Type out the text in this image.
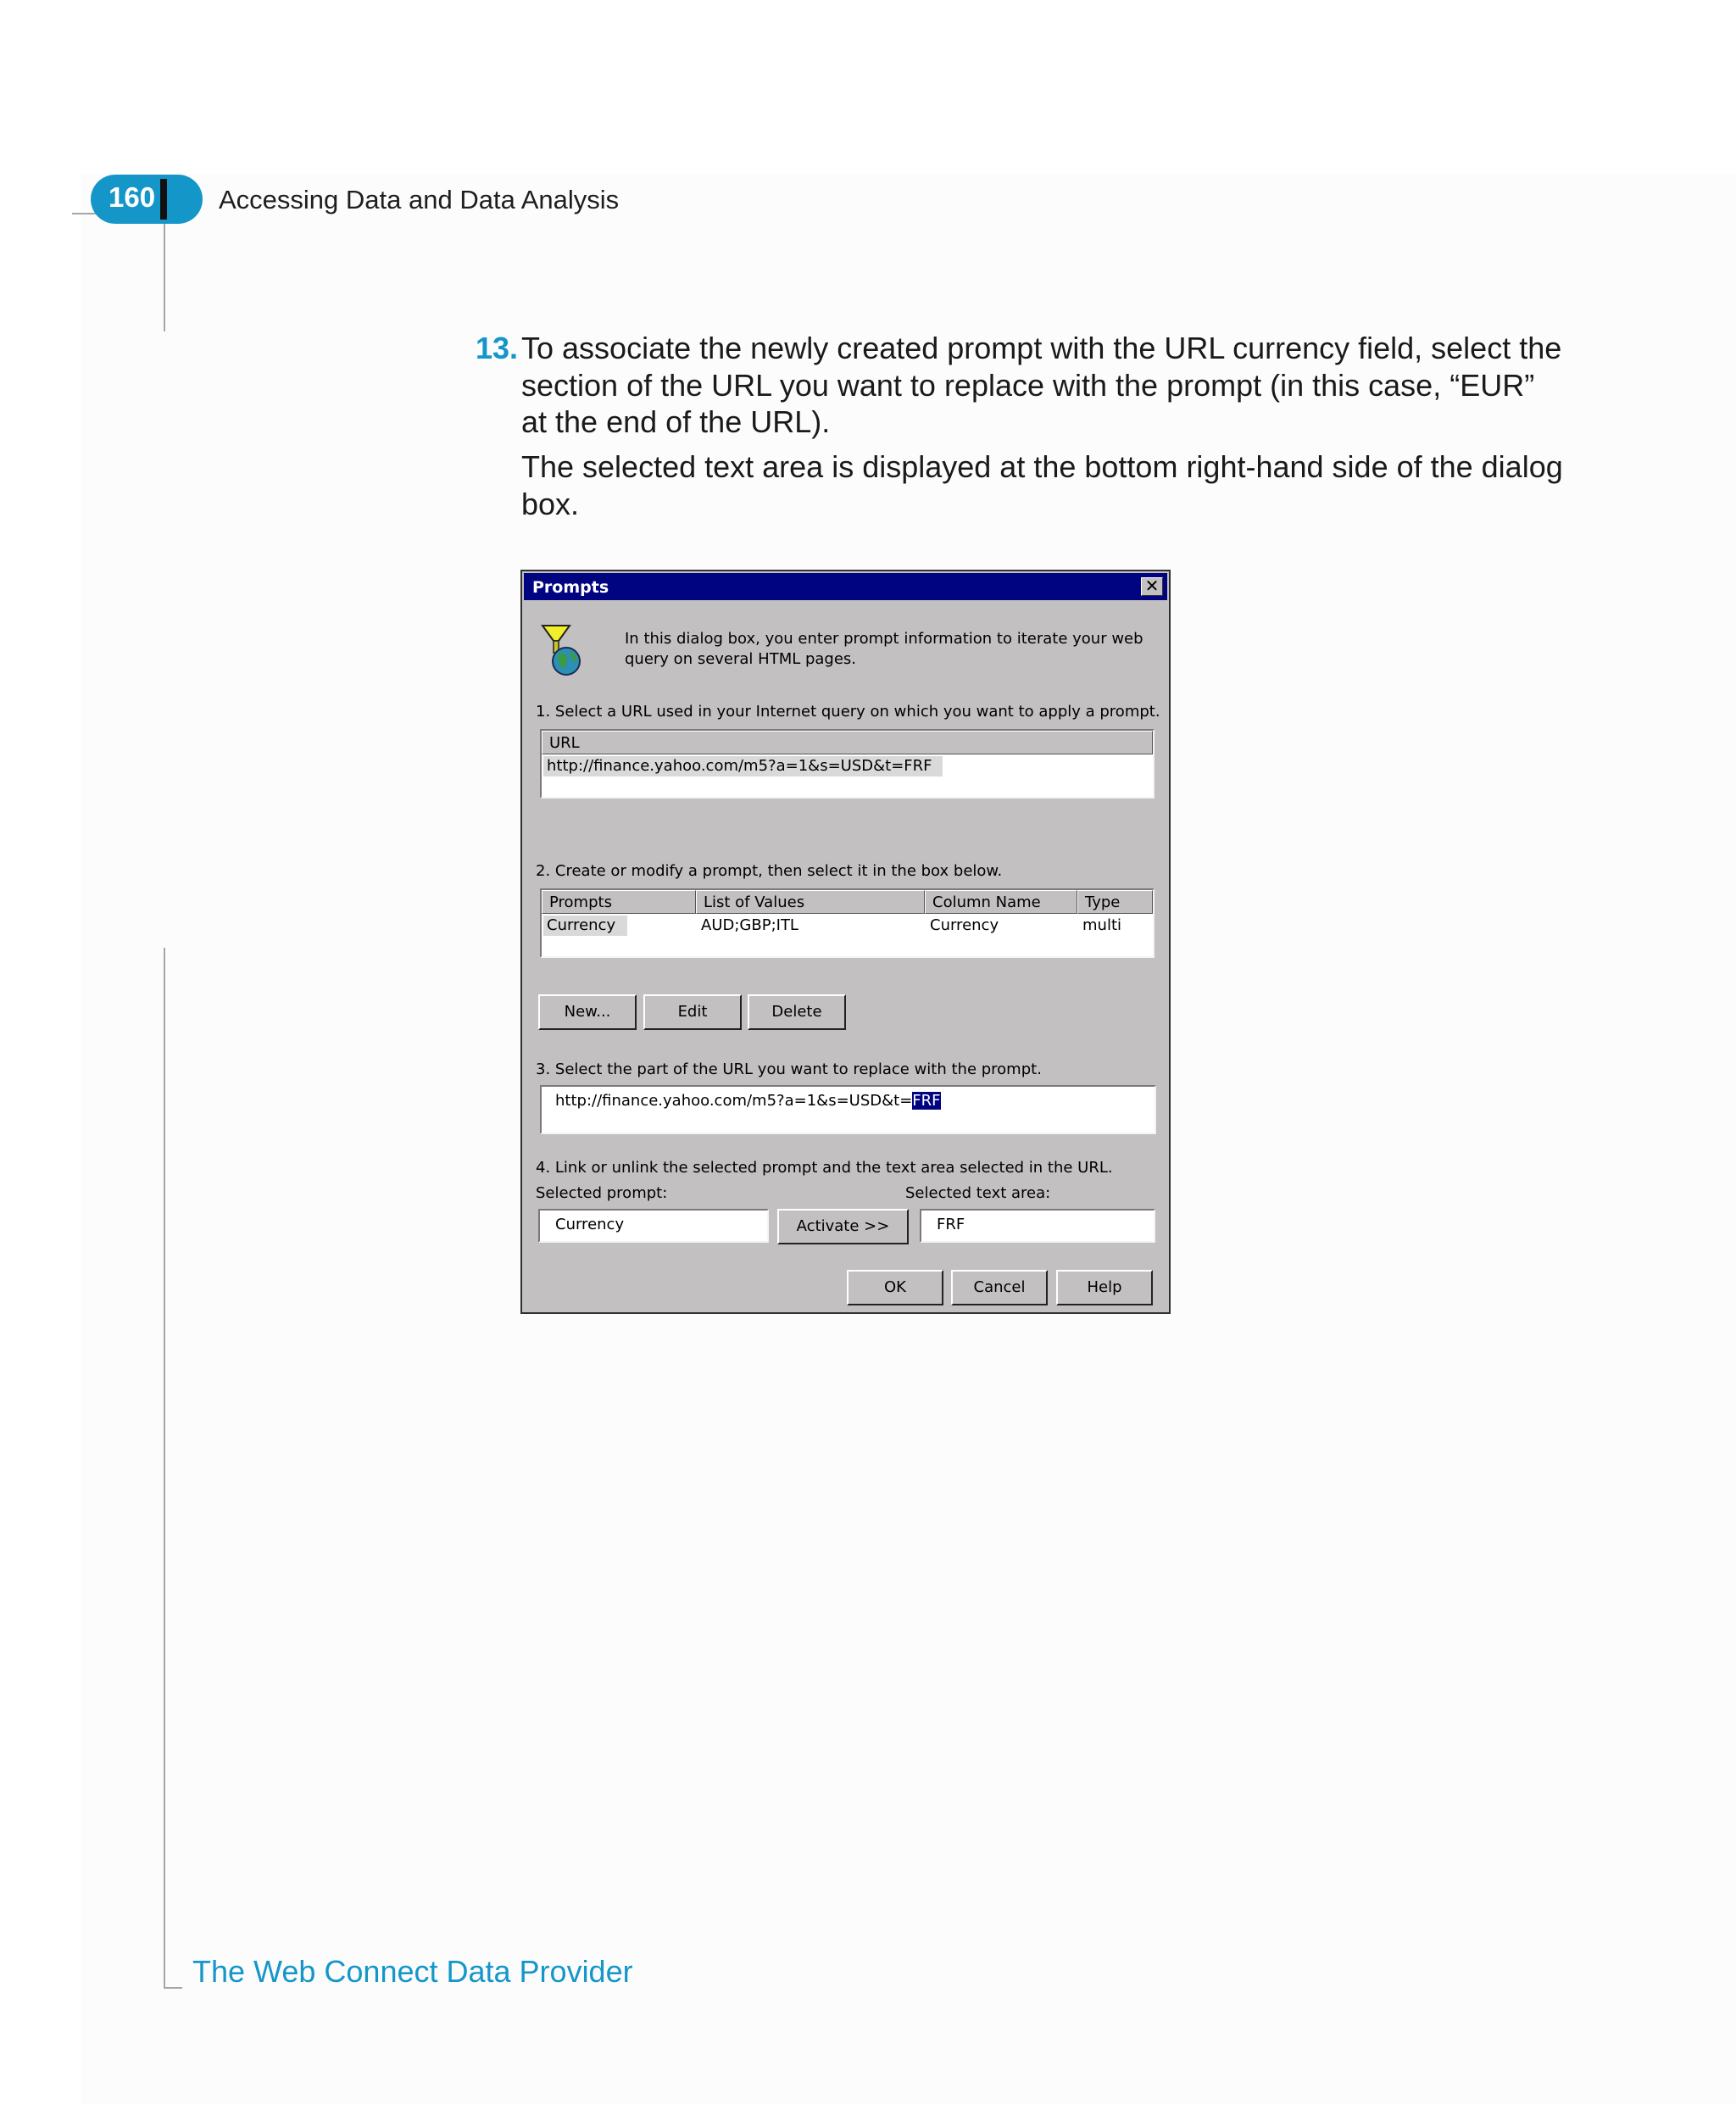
160 Accessing Data and Data Analysis
13. To associate the newly created prompt with the URL currency field, select the section of the URL you want to replace with the prompt (in this case, “EUR” at the end of the URL).
The selected text area is displayed at the bottom right-hand side of the dialog box.
Prompts	✕
In this dialog box, you enter prompt information to iterate your web query on several HTML pages.
1. Select a URL used in your Internet query on which you want to apply a prompt.
URL
http://finance.yahoo.com/m5?a=1&s=USD&t=FRF
2. Create or modify a prompt, then select it in the box below.
Prompts	List of Values	Column Name	Type
Currency	AUD;GBP;ITL	Currency	multi
New...	Edit	Delete
3. Select the part of the URL you want to replace with the prompt.
http://finance.yahoo.com/m5?a=1&s=USD&t=FRF
4. Link or unlink the selected prompt and the text area selected in the URL.
Selected prompt:	Selected text area:
Currency	Activate >>	FRF
OK	Cancel	Help
The Web Connect Data Provider
